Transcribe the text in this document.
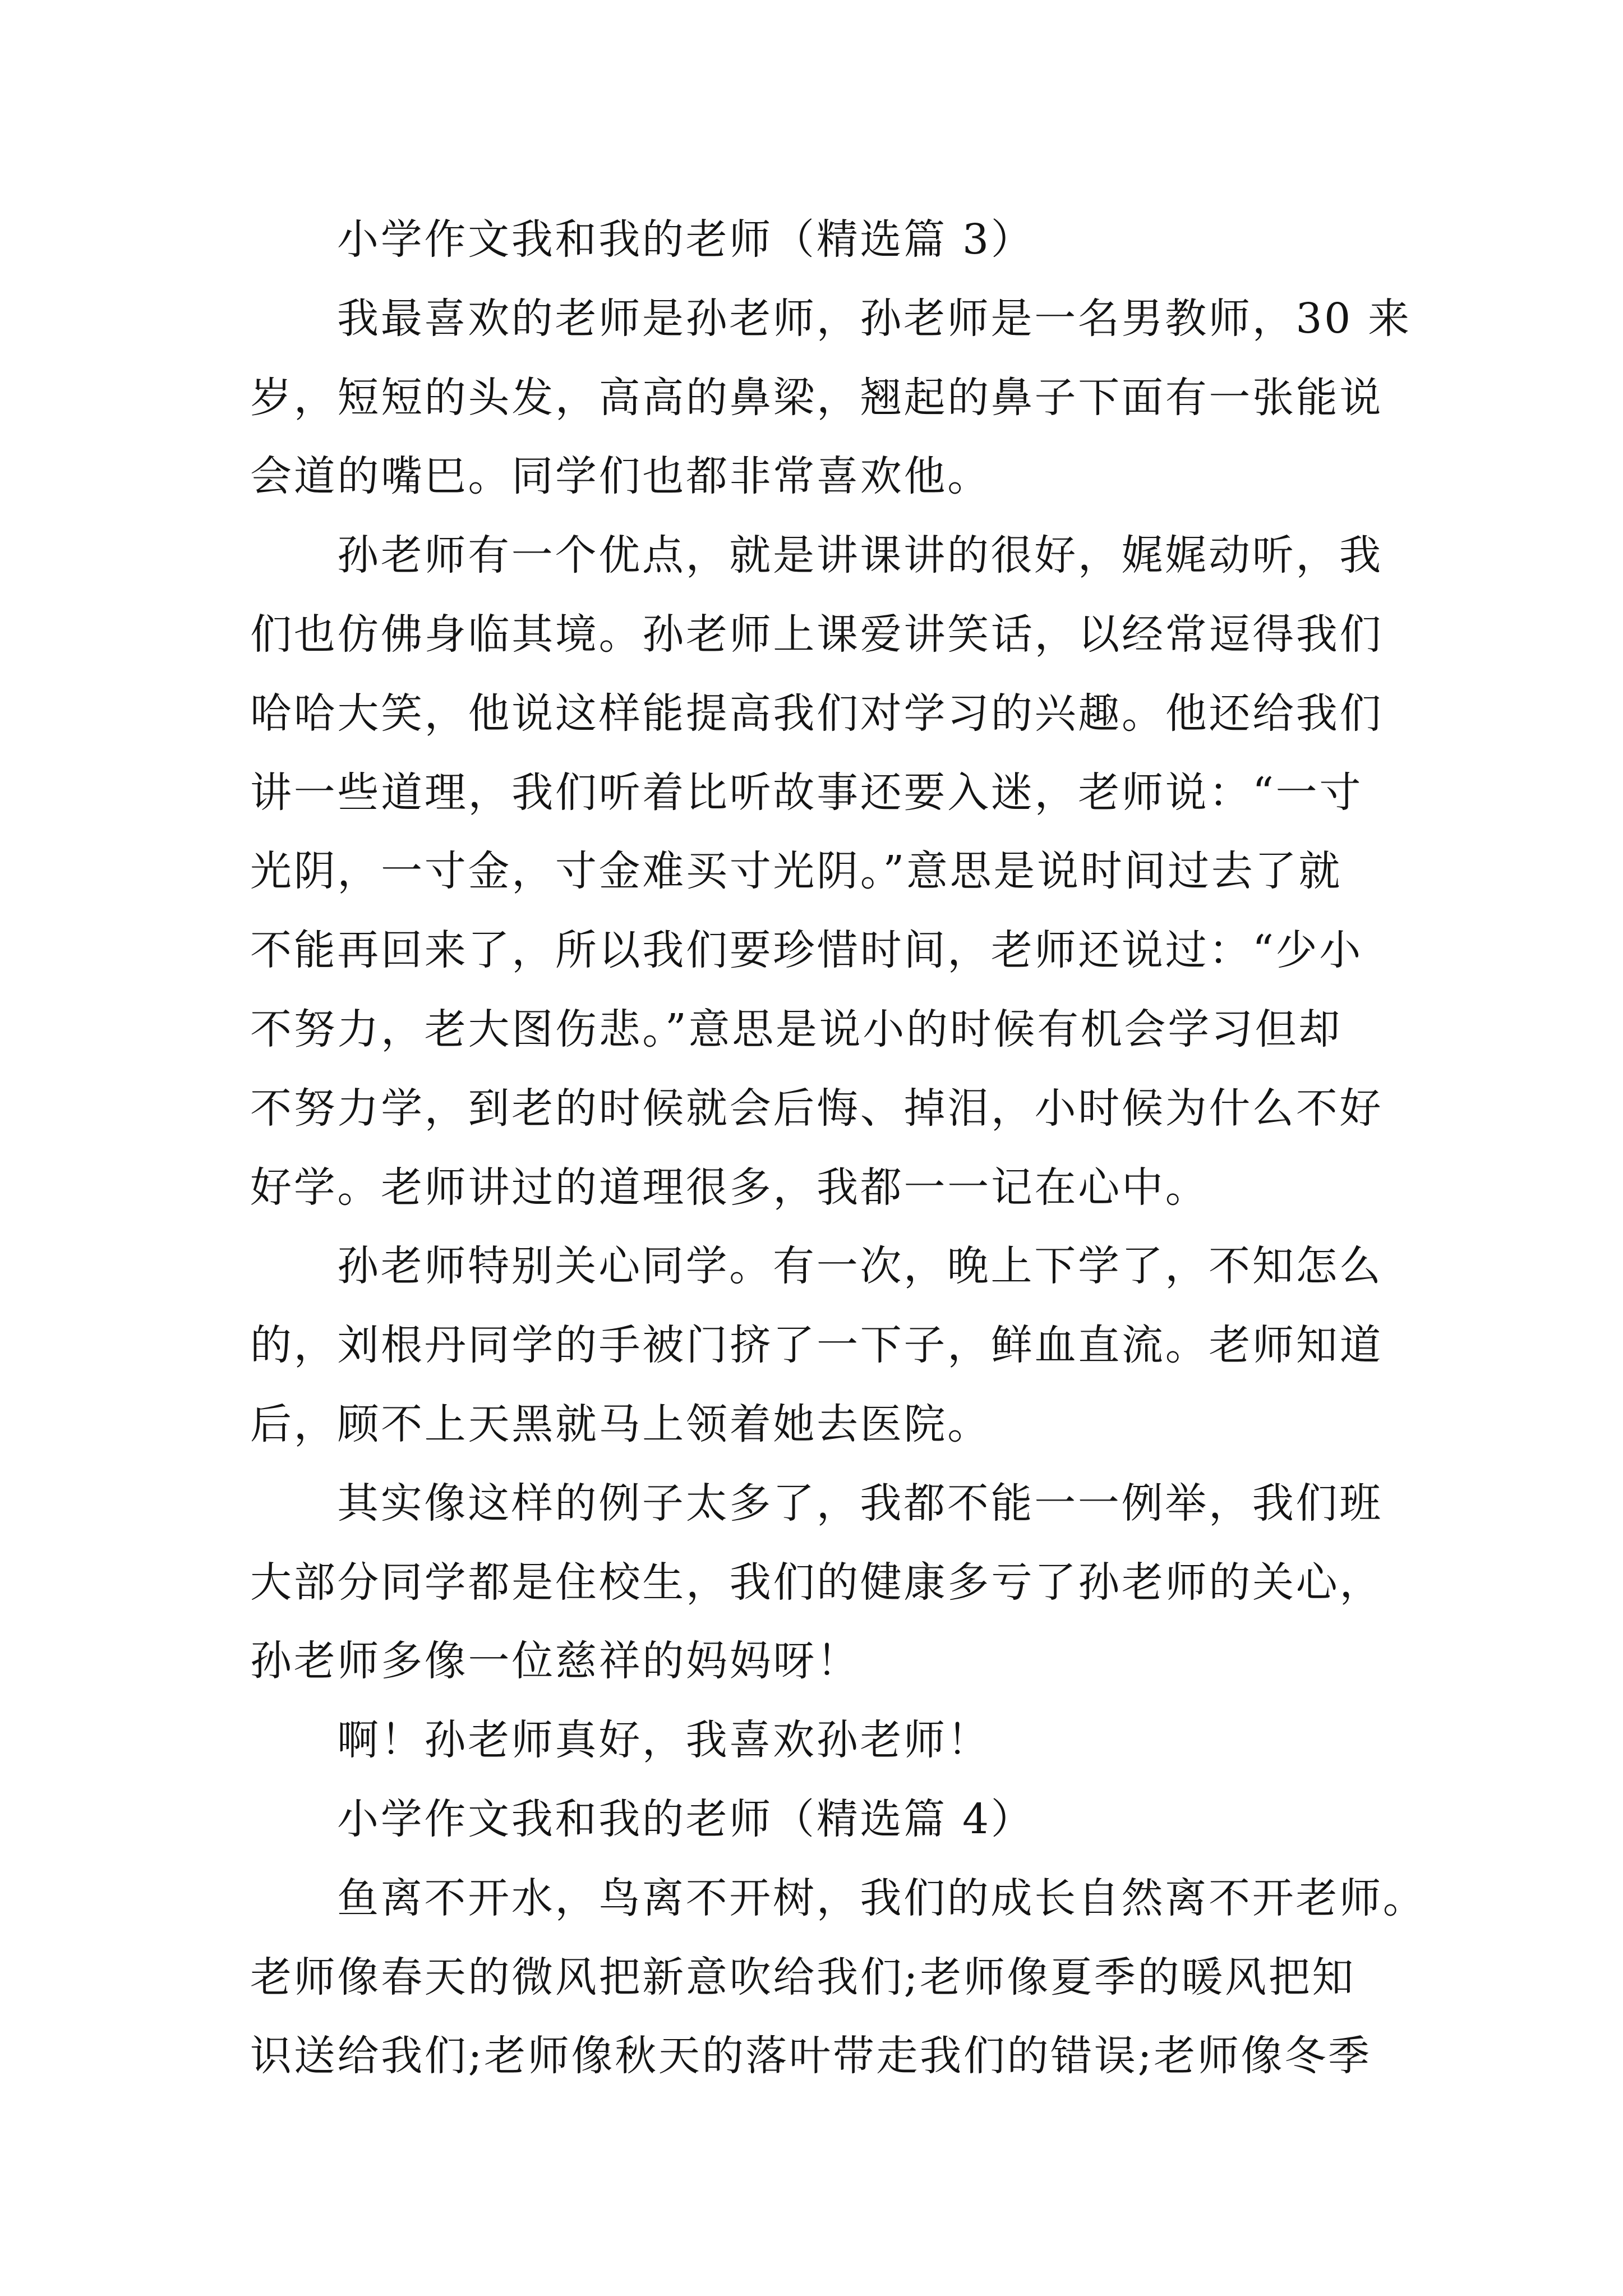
小学作文我和我的老师（精选篇 3）
我最喜欢的老师是孙老师，孙老师是一名男教师，30 来
岁，短短的头发，高高的鼻梁，翘起的鼻子下面有一张能说
会道的嘴巴。同学们也都非常喜欢他。
孙老师有一个优点，就是讲课讲的很好，娓娓动听，我
们也仿佛身临其境。孙老师上课爱讲笑话，以经常逗得我们
哈哈大笑，他说这样能提高我们对学习的兴趣。他还给我们
讲一些道理，我们听着比听故事还要入迷，老师说：“一寸
光阴，一寸金，寸金难买寸光阴。”意思是说时间过去了就
不能再回来了，所以我们要珍惜时间，老师还说过：“少小
不努力，老大图伤悲。”意思是说小的时候有机会学习但却
不努力学，到老的时候就会后悔、掉泪，小时候为什么不好
好学。老师讲过的道理很多，我都一一记在心中。
孙老师特别关心同学。有一次，晚上下学了，不知怎么
的，刘根丹同学的手被门挤了一下子，鲜血直流。老师知道
后，顾不上天黑就马上领着她去医院。
其实像这样的例子太多了，我都不能一一例举，我们班
大部分同学都是住校生，我们的健康多亏了孙老师的关心，
孙老师多像一位慈祥的妈妈呀！
啊！孙老师真好，我喜欢孙老师！
小学作文我和我的老师（精选篇 4）
鱼离不开水，鸟离不开树，我们的成长自然离不开老师。
老师像春天的微风把新意吹给我们;老师像夏季的暖风把知
识送给我们;老师像秋天的落叶带走我们的错误;老师像冬季
